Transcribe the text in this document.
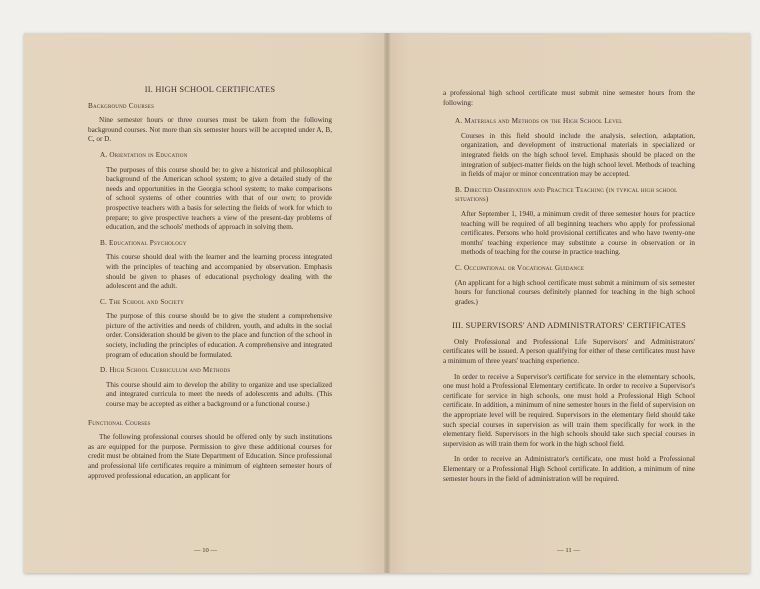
II. HIGH SCHOOL CERTIFICATES
Background Courses

Nine semester hours or three courses must be taken from the following background courses. Not more than six semester hours will be accepted under A, B, C, or D.

A. Orientation in Education

The purposes of this course should be: to give a historical and philosophical background of the American school system; to give a detailed study of the needs and opportunities in the Georgia school system; to make comparisons of school systems of other countries with that of our own; to provide prospective teachers with a basis for selecting the fields of work for which to prepare; to give prospective teachers a view of the present-day problems of education, and the schools' methods of approach in solving them.

B. Educational Psychology

This course should deal with the learner and the learning process integrated with the principles of teaching and accompanied by observation. Emphasis should be given to phases of educational psychology dealing with the adolescent and the adult.

C. The School and Society

The purpose of this course should be to give the student a comprehensive picture of the activities and needs of children, youth, and adults in the social order. Consideration should be given to the place and function of the school in society, including the principles of education. A comprehensive and integrated program of education should be formulated.

D. High School Curriculum and Methods

This course should aim to develop the ability to organize and use specialized and integrated curricula to meet the needs of adolescents and adults. (This course may be accepted as either a background or a functional course.)

Functional Courses

The following professional courses should be offered only by such institutions as are equipped for the purpose. Permission to give these additional courses for credit must be obtained from the State Department of Education. Since professional and professional life certificates require a minimum of eighteen semester hours of approved professional education, an applicant for

— 10 —

a professional high school certificate must submit nine semester hours from the following:

A. Materials and Methods on the High School Level

Courses in this field should include the analysis, selection, adaptation, organization, and development of instructional materials in specialized or integrated fields on the high school level. Emphasis should be placed on the integration of subject-matter fields on the high school level. Methods of teaching in fields of major or minor concentration may be accepted.

B. Directed Observation and Practice Teaching (in typical high school situations)

After September 1, 1940, a minimum credit of three semester hours for practice teaching will be required of all beginning teachers who apply for professional certificates. Persons who hold provisional certificates and who have twenty-one months' teaching experience may substitute a course in observation or in methods of teaching for the course in practice teaching.

C. Occupational or Vocational Guidance

(An applicant for a high school certificate must submit a minimum of six semester hours for functional courses definitely planned for teaching in the high school grades.)

III. SUPERVISORS' AND ADMINISTRATORS' CERTIFICATES

Only Professional and Professional Life Supervisors' and Administrators' certificates will be issued. A person qualifying for either of these certificates must have a minimum of three years' teaching experience.

In order to receive a Supervisor's certificate for service in the elementary schools, one must hold a Professional Elementary certificate. In order to receive a Supervisor's certificate for service in high schools, one must hold a Professional High School certificate. In addition, a minimum of nine semester hours in the field of supervision on the appropriate level will be required. Supervisors in the elementary field should take such special courses in supervision as will train them specifically for work in the elementary field. Supervisors in the high schools should take such special courses in supervision as will train them for work in the high school field.

In order to receive an Administrator's certificate, one must hold a Professional Elementary or a Professional High School certificate. In addition, a minimum of nine semester hours in the field of administration will be required.

— 11 —
